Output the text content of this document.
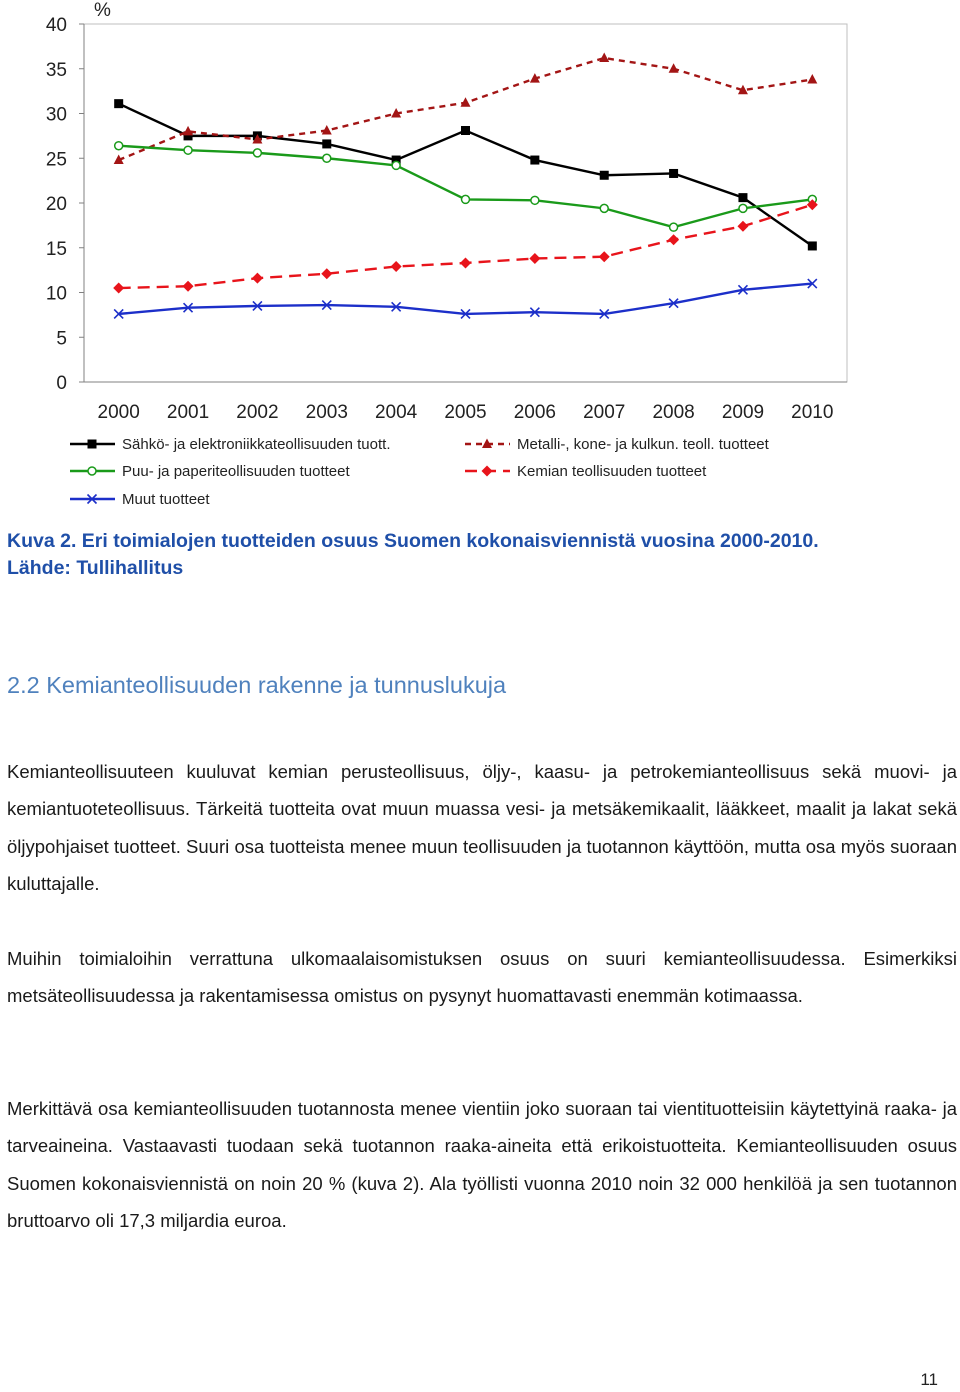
0
5
10
15
20
25
30
35
40
%
2000 2001 2002 2003 2004 2005 2006 2007 2008 2009 2010
Sähkö- ja elektroniikkateollisuuden tuott.	Metalli-, kone- ja kulkun. teoll. tuotteet
Puu- ja paperiteollisuuden tuotteet	Kemian teollisuuden tuotteet
Muut tuotteet
Kuva 2. Eri toimialojen tuotteiden osuus Suomen kokonaisviennistä vuosina 2000-2010.
Lähde: Tullihallitus
2.2 Kemianteollisuuden rakenne ja tunnuslukuja

Kemianteollisuuteen kuuluvat kemian perusteollisuus, öljy-, kaasu- ja petrokemianteollisuus sekä muovi- ja kemiantuoteteollisuus. Tärkeitä tuotteita ovat muun muassa vesi- ja metsäkemikaalit, lääkkeet, maalit ja lakat sekä öljypohjaiset tuotteet. Suuri osa tuotteista menee muun teollisuuden ja tuotannon käyttöön, mutta osa myös suoraan kuluttajalle.

Muihin toimialoihin verrattuna ulkomaalaisomistuksen osuus on suuri kemianteollisuudessa. Esimerkiksi metsäteollisuudessa ja rakentamisessa omistus on pysynyt huomattavasti enemmän kotimaassa.

Merkittävä osa kemianteollisuuden tuotannosta menee vientiin joko suoraan tai vientituotteisiin käytettyinä raaka- ja tarveaineina. Vastaavasti tuodaan sekä tuotannon raaka-aineita että erikoistuotteita. Kemianteollisuuden osuus Suomen kokonaisviennistä on noin 20 % (kuva 2). Ala työllisti vuonna 2010 noin 32 000 henkilöä ja sen tuotannon bruttoarvo oli 17,3 miljardia euroa.

11
